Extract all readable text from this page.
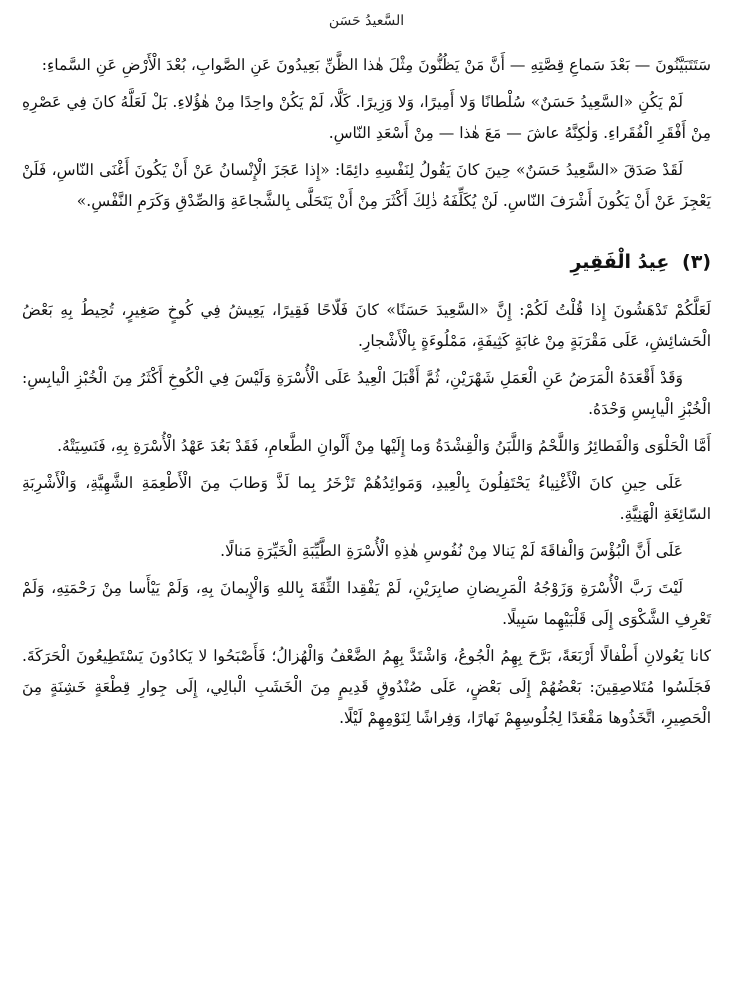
السَّعيدُ حَسَن

سَتَتَبَيَّنُونَ — بَعْدَ سَماعِ قِصَّتِهِ — أَنَّ مَنْ يَظُنُّونَ مِثْلَ هٰذا الظَّنِّ بَعِيدُونَ عَنِ الصَّوابِ، بُعْدَ الْأَرْضِ عَنِ السَّماءِ:

لَمْ يَكُنِ «السَّعِيدُ حَسَنٌ» سُلْطانًا وَلا أَمِيرًا، وَلا وَزِيرًا. كَلَّا، لَمْ يَكُنْ واحِدًا مِنْ هٰؤُلاءِ. بَلْ لَعَلَّهُ كانَ فِي عَصْرِهِ مِنْ أَفْقَرِ الْفُقَراءِ. وَلٰكِنَّهُ عاشَ — مَعَ هٰذا — مِنْ أَسْعَدِ النّاسِ.

لَقَدْ صَدَقَ «السَّعِيدُ حَسَنٌ» حِينَ كانَ يَقُولُ لِنَفْسِهِ دائِمًا: «إِذا عَجَزَ الْإِنْسانُ عَنْ أَنْ يَكُونَ أَغْنَى النّاسِ، فَلَنْ يَعْجِزَ عَنْ أَنْ يَكُونَ أَشْرَفَ النّاسِ. لَنْ يُكَلِّفَهُ ذٰلِكَ أَكْثَرَ مِنْ أَنْ يَتَحَلَّى بِالشَّجاعَةِ وَالصِّدْقِ وَكَرَمِ النَّفْسِ.»

(٣) عِيدُ الْفَقِيرِ

لَعَلَّكُمْ تَدْهَشُونَ إِذا قُلْتُ لَكُمْ: إِنَّ «السَّعِيدَ حَسَنًا» كانَ فَلّاحًا فَقِيرًا، يَعِيشُ فِي كُوخٍ صَغِيرٍ، تُحِيطُ بِهِ بَعْضُ الْحَشائِشِ، عَلَى مَقْرَبَةٍ مِنْ غابَةٍ كَثِيفَةٍ، مَمْلُوءَةٍ بِالْأَشْجارِ.

وَقَدْ أَقْعَدَهُ الْمَرَضُ عَنِ الْعَمَلِ شَهْرَيْنِ، ثُمَّ أَقْبَلَ الْعِيدُ عَلَى الْأُسْرَةِ وَلَيْسَ فِي الْكُوخِ أَكْثَرُ مِنَ الْخُبْزِ الْيابِسِ: الْخُبْزِ الْيابِسِ وَحْدَهُ.

أَمَّا الْحَلْوَى وَالْفَطائِرُ وَاللَّحْمُ وَاللَّبَنُ وَالْقِشْدَةُ وَما إِلَيْها مِنْ أَلْوانِ الطَّعامِ، فَقَدْ بَعُدَ عَهْدُ الْأُسْرَةِ بِهِ، فَنَسِيَتْهُ.

عَلَى حِينِ كانَ الْأَغْنِياءُ يَحْتَفِلُونَ بِالْعِيدِ، وَمَوائِدُهُمْ تَزْخَرُ بِما لَذَّ وَطابَ مِنَ الْأَطْعِمَةِ الشَّهِيَّةِ، وَالْأَشْرِبَةِ السّائِغَةِ الْهَنِيَّةِ.

عَلَى أَنَّ الْبُؤْسَ وَالْفاقَةَ لَمْ يَنالا مِنْ نُفُوسِ هٰذِهِ الْأُسْرَةِ الطَّيِّبَةِ الْخَيِّرَةِ مَنالًا.

لَيْتَ رَبَّ الْأُسْرَةِ وَزَوْجُهُ الْمَرِيضانِ صابِرَيْنِ، لَمْ يَفْقِدا الثِّقَةَ بِاللهِ وَالْإِيمانَ بِهِ، وَلَمْ يَيْأَسا مِنْ رَحْمَتِهِ، وَلَمْ تَعْرِفِ الشَّكْوَى إِلَى قَلْبَيْهِما سَبِيلًا.

كانا يَعُولانِ أَطْفالًا أَرْبَعَةً، بَرَّحَ بِهِمُ الْجُوعُ، وَاشْتَدَّ بِهِمُ الضَّعْفُ وَالْهُزالُ؛ فَأَصْبَحُوا لا يَكادُونَ يَسْتَطِيعُونَ الْحَرَكَةَ. فَجَلَسُوا مُتَلاصِقِينَ: بَعْضُهُمْ إِلَى بَعْضٍ، عَلَى صُنْدُوقٍ قَدِيمٍ مِنَ الْخَشَبِ الْبالِي، إِلَى جِوارِ قِطْعَةٍ خَشِنَةٍ مِنَ الْحَصِيرِ، اتَّخَذُوها مَقْعَدًا لِجُلُوسِهِمْ نَهارًا، وَفِراشًا لِنَوْمِهِمْ لَيْلًا.
